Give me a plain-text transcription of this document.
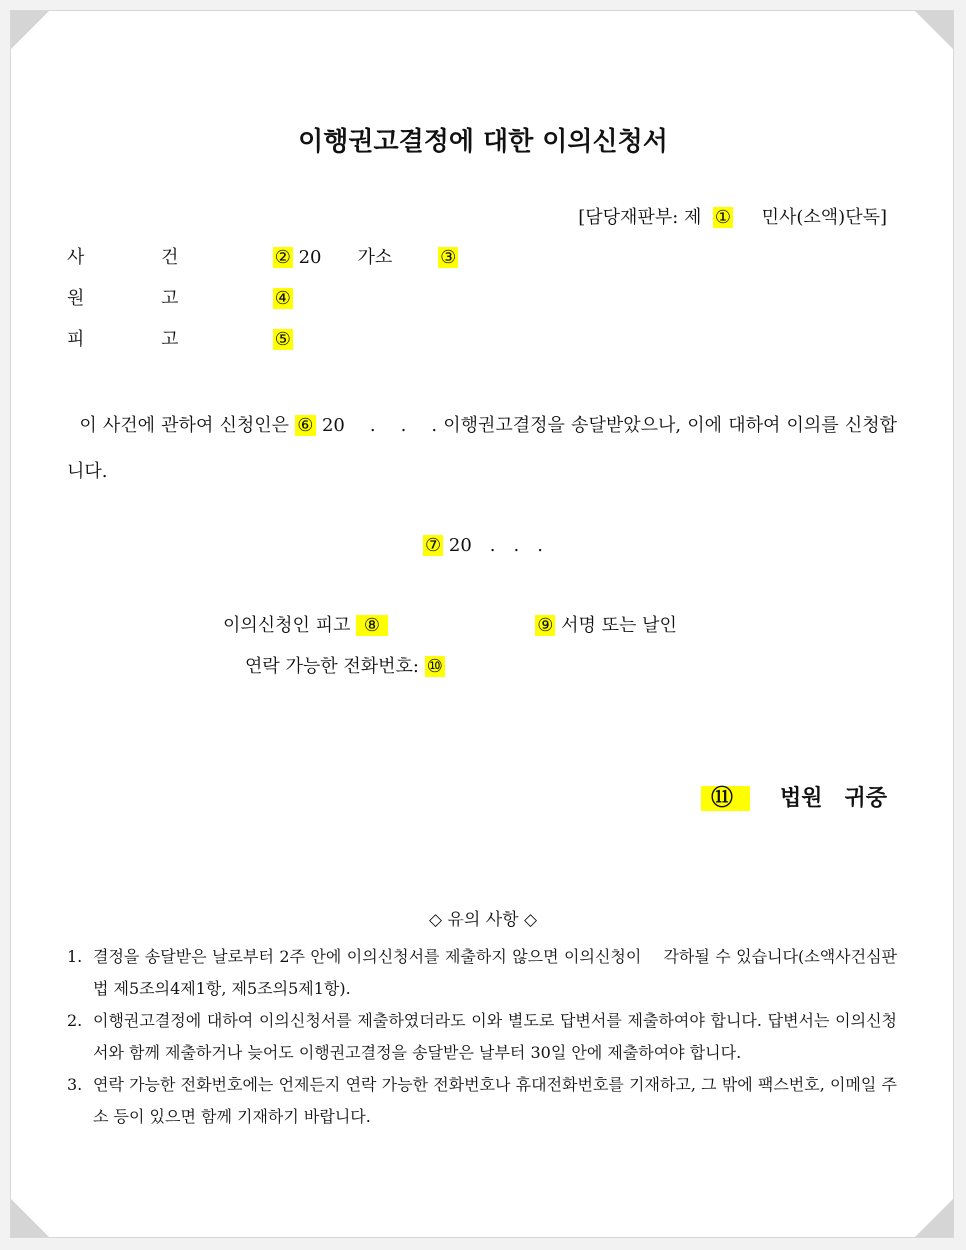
이행권고결정에 대한 이의신청서
[담당재판부: 제 ① 민사(소액)단독]
사	건	② 20　　가소	③
원	고	④
피	고	⑤
이 사건에 관하여 신청인은 ⑥ 20　 .　 .　 . 이행권고결정을 송달받았으나, 이에 대하여 이의를 신청합니다.
⑦ 20　.　.　.
이의신청인 피고 ⑧	⑨ 서명 또는 날인
연락 가능한 전화번호: ⑩
⑪ 법원 귀중
◇ 유의 사항 ◇

1. 결정을 송달받은 날로부터 2주 안에 이의신청서를 제출하지 않으면 이의신청이　 각하될 수 있습니다(소액사건심판법 제5조의4제1항, 제5조의5제1항).

2. 이행권고결정에 대하여 이의신청서를 제출하였더라도 이와 별도로 답변서를 제출하여야 합니다. 답변서는 이의신청서와 함께 제출하거나 늦어도 이행권고결정을 송달받은 날부터 30일 안에 제출하여야 합니다.

3. 연락 가능한 전화번호에는 언제든지 연락 가능한 전화번호나 휴대전화번호를 기재하고, 그 밖에 팩스번호, 이메일 주소 등이 있으면 함께 기재하기 바랍니다.
